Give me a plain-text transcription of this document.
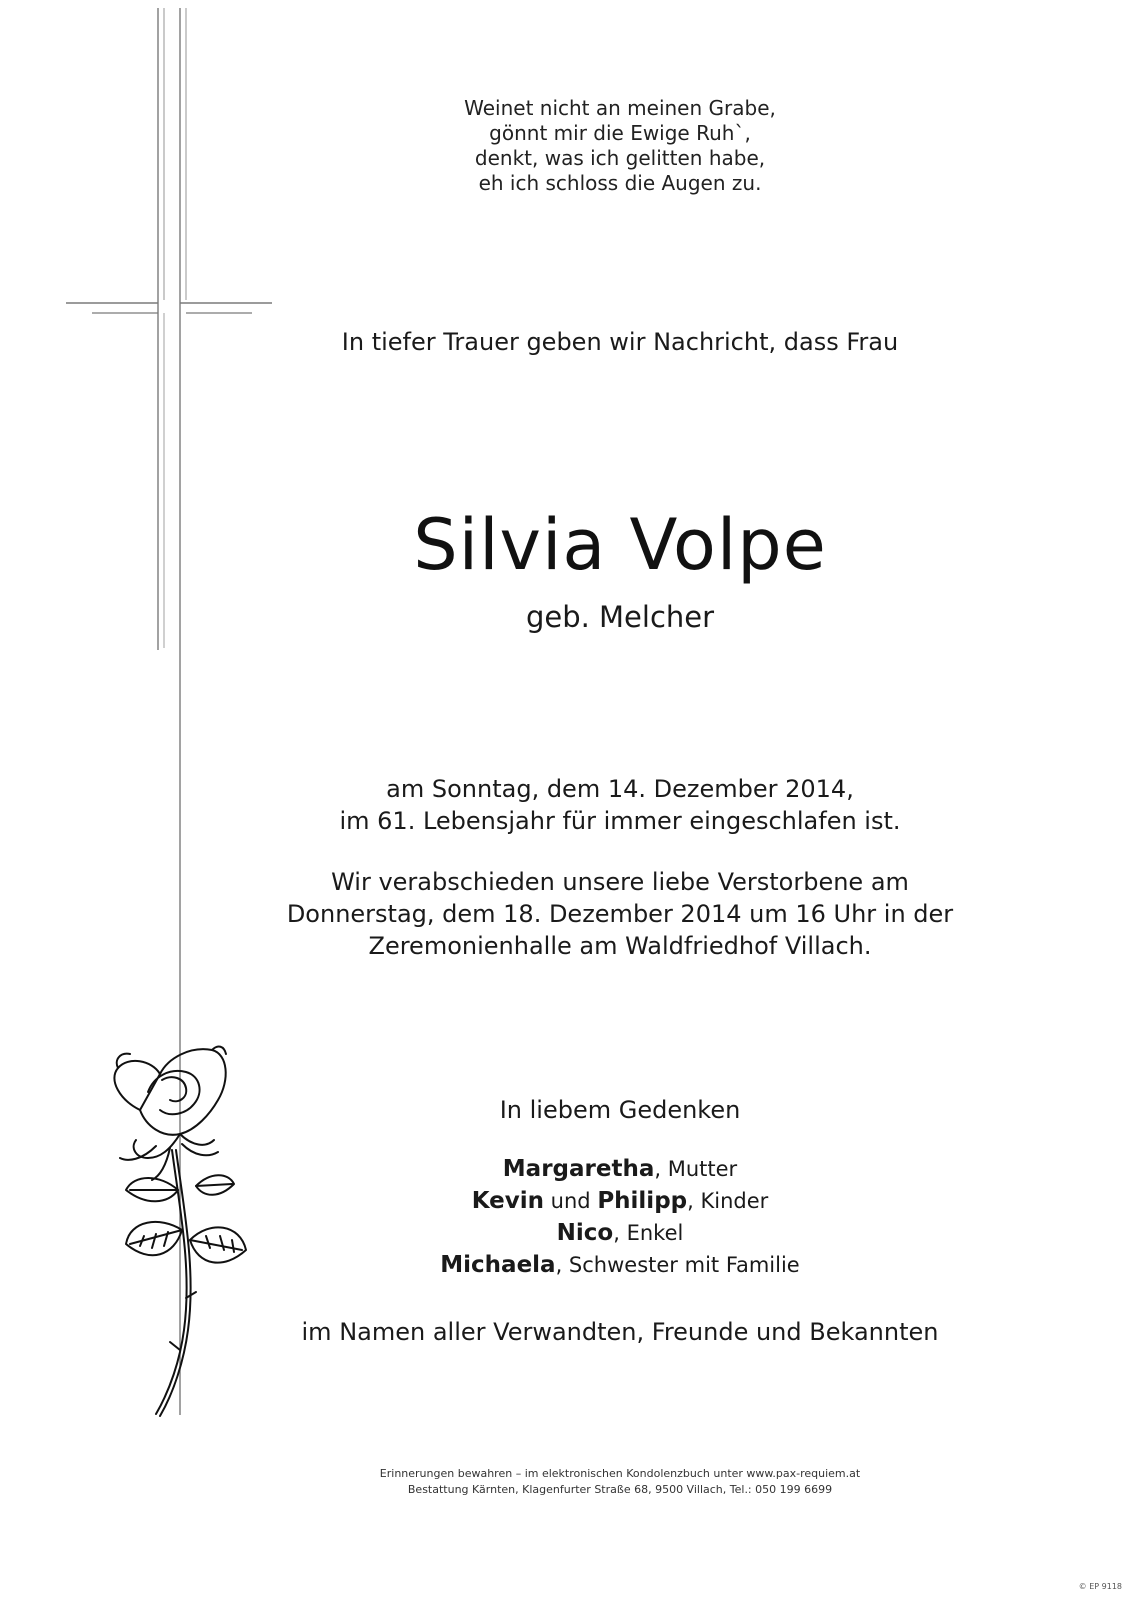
Weinet nicht an meinen Grabe,
gönnt mir die Ewige Ruh`,
denkt, was ich gelitten habe,
eh ich schloss die Augen zu.

In tiefer Trauer geben wir Nachricht, dass Frau

Silvia Volpe

geb. Melcher

am Sonntag, dem 14. Dezember 2014,
im 61. Lebensjahr für immer eingeschlafen ist.
Wir verabschieden unsere liebe Verstorbene am
Donnerstag, dem 18. Dezember 2014 um 16 Uhr in der
Zeremonienhalle am Waldfriedhof Villach.

In liebem Gedenken

Margaretha, Mutter
Kevin und Philipp, Kinder
Nico, Enkel
Michaela, Schwester mit Familie

im Namen aller Verwandten, Freunde und Bekannten

Erinnerungen bewahren – im elektronischen Kondolenzbuch unter www.pax-requiem.at
Bestattung Kärnten, Klagenfurter Straße 68, 9500 Villach, Tel.: 050 199 6699
© EP 9118
